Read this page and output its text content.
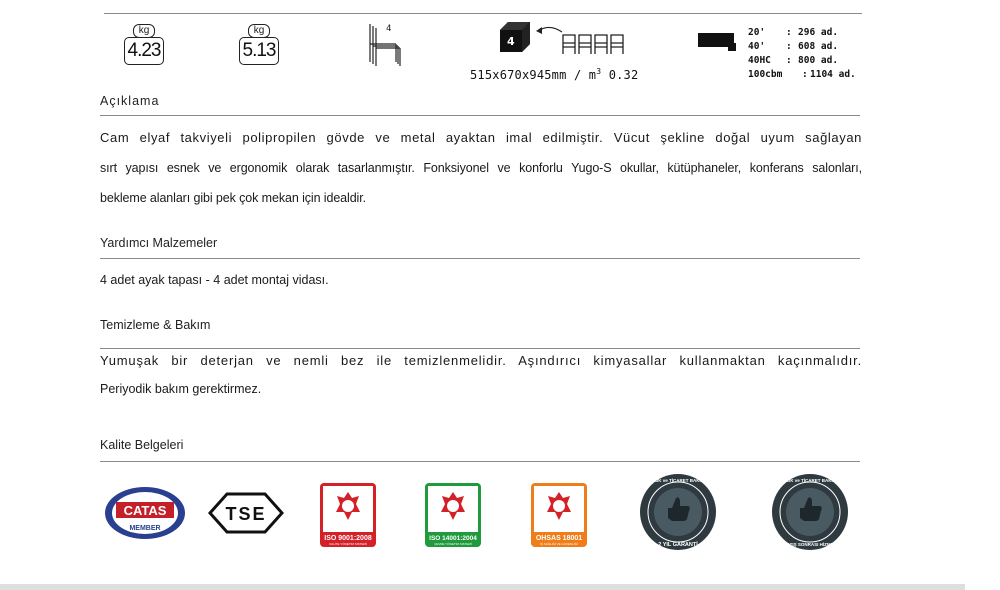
kg
4.23
kg
5.13
4
4
$515x670x945mm / m^3$ 0.32
20' : 296 ad.
40' : 608 ad.
40HC : 800 ad.
100cbm : 1104 ad.
Açıklama
Cam elyaf takviyeli polipropilen gövde ve metal ayaktan imal edilmiştir. Vücut şekline doğal uyum sağlayan
sırt yapısı esnek ve ergonomik olarak tasarlanmıştır. Fonksiyonel ve konforlu Yugo-S okullar, kütüphaneler, konferans salonları,
bekleme alanları gibi pek çok mekan için idealdir.
Yardımcı Malzemeler
4 adet ayak tapası - 4 adet montaj vidası.
Temizleme & Bakım
Yumuşak bir deterjan ve nemli bez ile temizlenmelidir. Aşındırıcı kimyasallar kullanmaktan kaçınmalıdır.
Periyodik bakım gerektirmez.
Kalite Belgeleri
CATAS
MEMBER
TSE
ISO 9001:2008
KALİTE YÖNETİM SİSTEMİ
ISO 14001:2004
ÇEVRE YÖNETİM SİSTEMİ
OHSAS 18001
İŞ SAĞLIĞI VE GÜVENLİĞİ
GÜMRÜK ve TİCARET BAKANLIĞI
2 YIL GARANTİ
GÜMRÜK ve TİCARET BAKANLIĞI
SATIŞ SONRASI HİZMET
